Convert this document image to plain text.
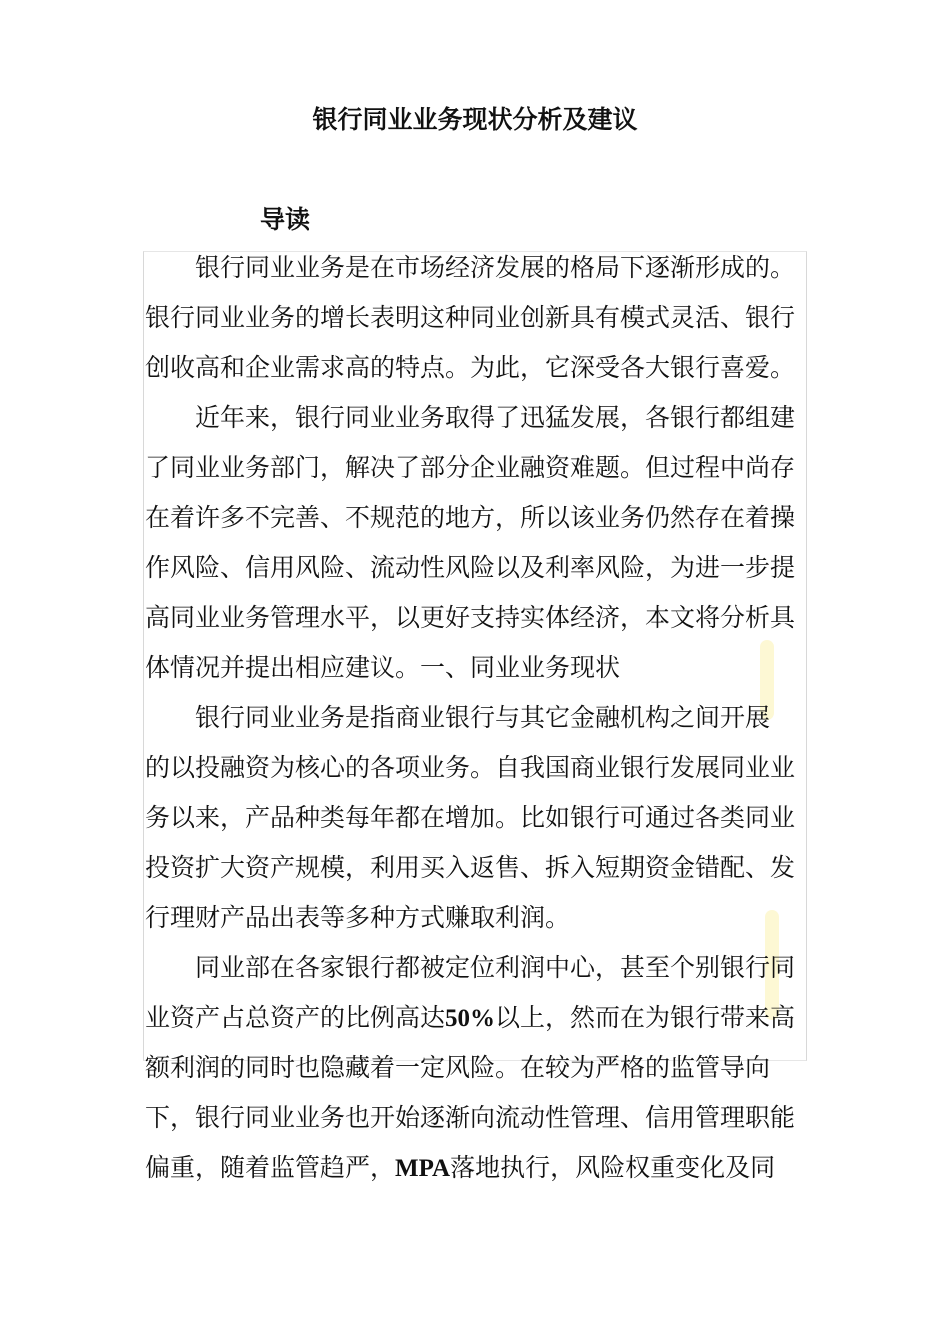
银行同业业务现状分析及建议
导读
银行同业业务是在市场经济发展的格局下逐渐形成的。
银行同业业务的增长表明这种同业创新具有模式灵活、银行
创收高和企业需求高的特点。为此，它深受各大银行喜爱。
近年来，银行同业业务取得了迅猛发展，各银行都组建
了同业业务部门，解决了部分企业融资难题。但过程中尚存
在着许多不完善、不规范的地方，所以该业务仍然存在着操
作风险、信用风险、流动性风险以及利率风险，为进一步提
高同业业务管理水平，以更好支持实体经济，本文将分析具
体情况并提出相应建议。一、同业业务现状
银行同业业务是指商业银行与其它金融机构之间开展
的以投融资为核心的各项业务。自我国商业银行发展同业业
务以来，产品种类每年都在增加。比如银行可通过各类同业
投资扩大资产规模，利用买入返售、拆入短期资金错配、发
行理财产品出表等多种方式赚取利润。
同业部在各家银行都被定位利润中心，甚至个别银行同
业资产占总资产的比例高达50%以上，然而在为银行带来高
额利润的同时也隐藏着一定风险。在较为严格的监管导向
下，银行同业业务也开始逐渐向流动性管理、信用管理职能
偏重，随着监管趋严，MPA落地执行，风险权重变化及同
